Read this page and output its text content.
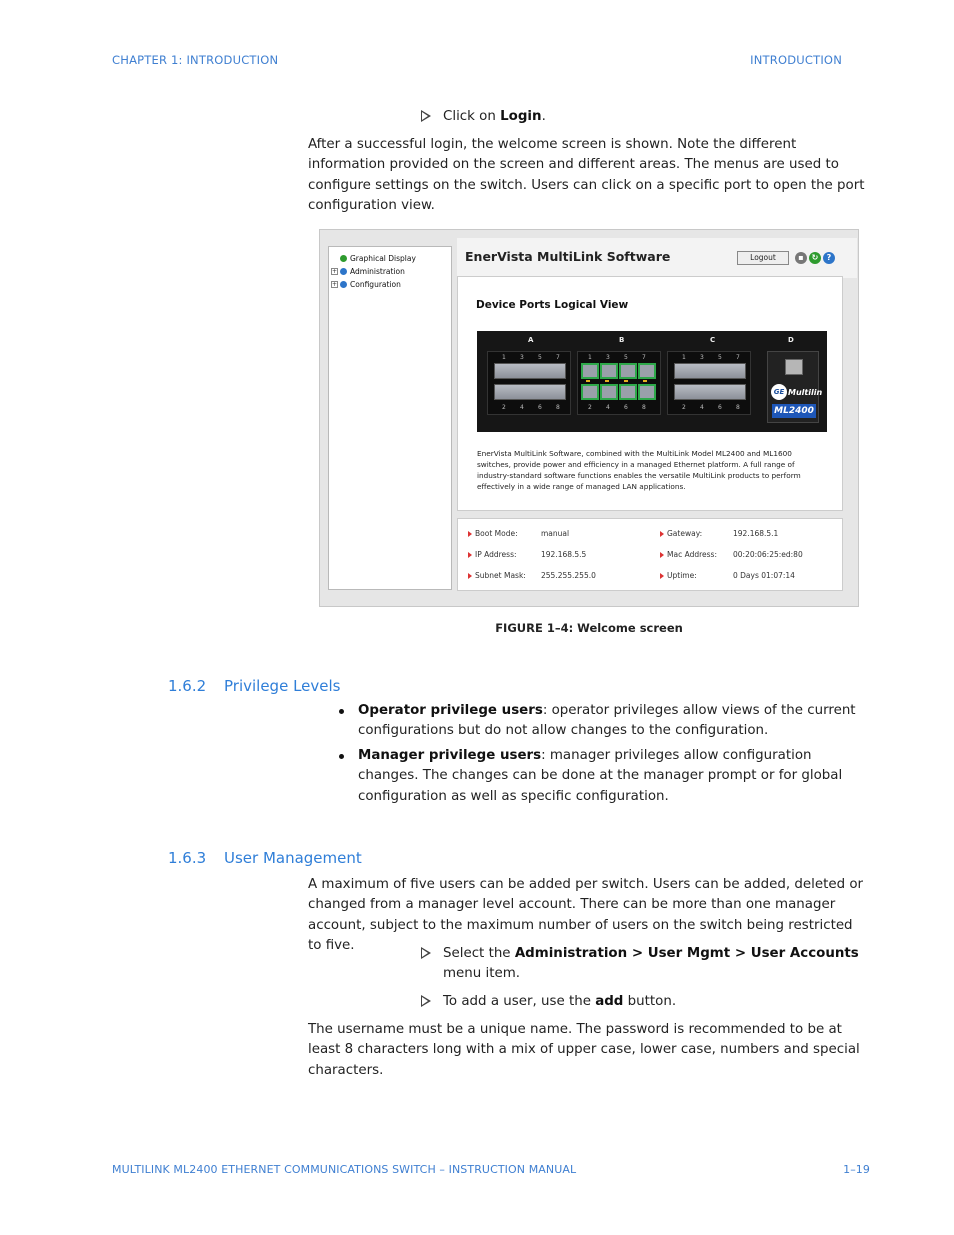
CHAPTER 1: INTRODUCTION	INTRODUCTION
Click on Login.
After a successful login, the welcome screen is shown. Note the different information provided on the screen and different areas. The menus are used to configure settings on the switch. Users can click on a specific port to open the port configuration view.
Graphical Display
+ Administration
+ Configuration
EnerVista MultiLink Software	Logout	▪ ↻	?
Device Ports Logical View
A	B	C	D
1 3 5 7
2 4 6 8
1 3 5 7
2 4 6 8
1 3 5 7
2 4 6 8
GE Multilin
ML2400
EnerVista MultiLink Software, combined with the MultiLink Model ML2400 and ML1600 switches, provide power and efficiency in a managed Ethernet platform. A full range of industry-standard software functions enables the versatile MultiLink products to perform effectively in a wide range of managed LAN applications.
Boot Mode:	manual
IP Address:	192.168.5.5
Subnet Mask: 255.255.255.0
Gateway:	192.168.5.1
Mac Address: 00:20:06:25:ed:80
Uptime:	0 Days 01:07:14
FIGURE 1–4: Welcome screen
1.6.2 Privilege Levels
Operator privilege users: operator privileges allow views of the current configurations but do not allow changes to the configuration.
Manager privilege users: manager privileges allow configuration changes. The changes can be done at the manager prompt or for global configuration as well as specific configuration.
1.6.3 User Management
A maximum of five users can be added per switch. Users can be added, deleted or changed from a manager level account. There can be more than one manager account, subject to the maximum number of users on the switch being restricted to five.
Select the Administration > User Mgmt > User Accounts menu item.
To add a user, use the add button.
The username must be a unique name. The password is recommended to be at least 8 characters long with a mix of upper case, lower case, numbers and special characters.
MULTILINK ML2400 ETHERNET COMMUNICATIONS SWITCH – INSTRUCTION MANUAL	1–19
